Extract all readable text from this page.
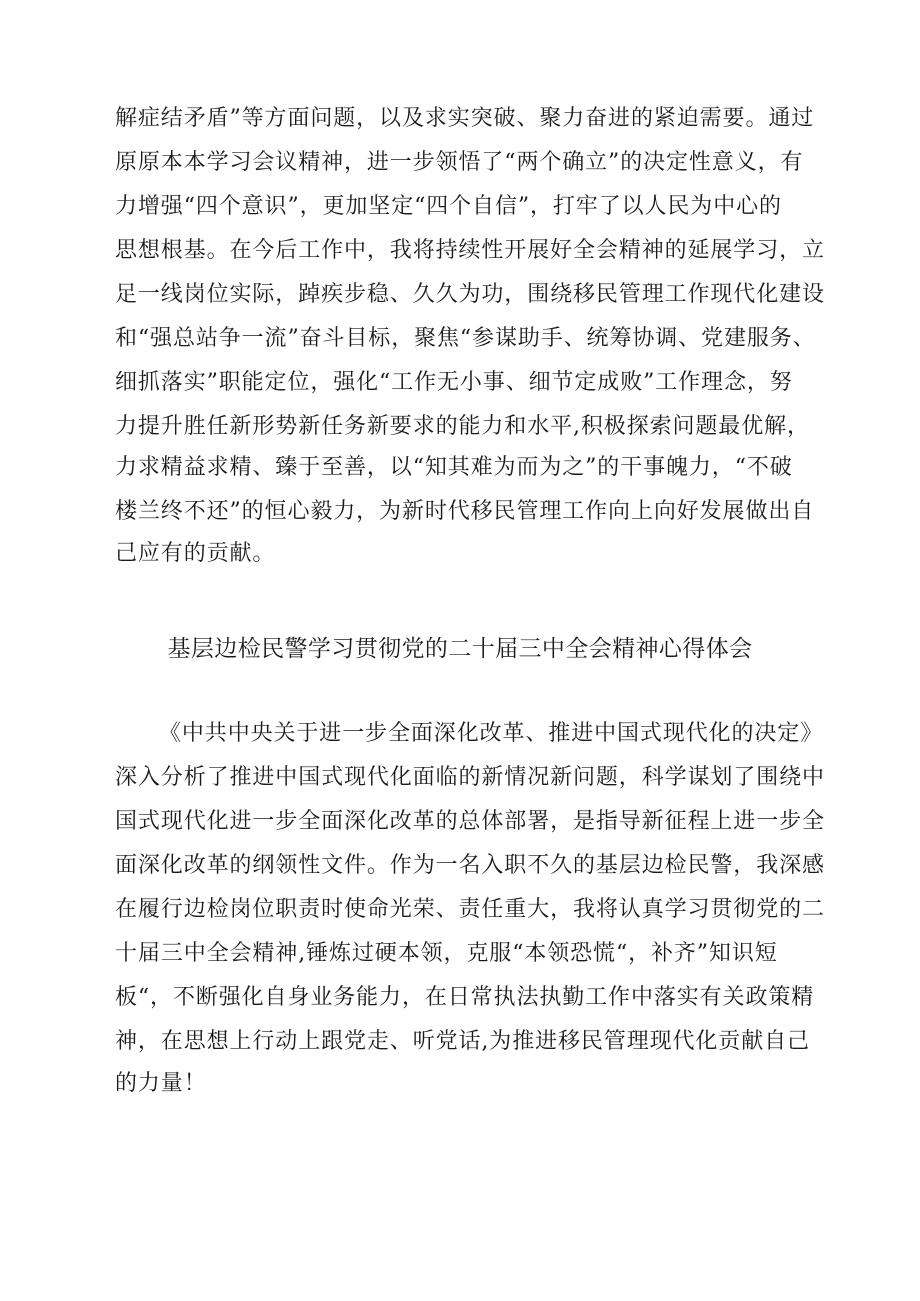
解症结矛盾”等方面问题，以及求实突破、聚力奋进的紧迫需要。通过
原原本本学习会议精神，进一步领悟了“两个确立”的决定性意义，有
力增强“四个意识”，更加坚定“四个自信”，打牢了以人民为中心的
思想根基。在今后工作中，我将持续性开展好全会精神的延展学习，立
足一线岗位实际，踔疾步稳、久久为功，围绕移民管理工作现代化建设
和“强总站争一流”奋斗目标，聚焦“参谋助手、统筹协调、党建服务、
细抓落实”职能定位，强化“工作无小事、细节定成败”工作理念，努
力提升胜任新形势新任务新要求的能力和水平,积极探索问题最优解，
力求精益求精、臻于至善，以“知其难为而为之”的干事魄力，“不破
楼兰终不还”的恒心毅力，为新时代移民管理工作向上向好发展做出自
己应有的贡献。
基层边检民警学习贯彻党的二十届三中全会精神心得体会
《中共中央关于进一步全面深化改革、推进中国式现代化的决定》
深入分析了推进中国式现代化面临的新情况新问题，科学谋划了围绕中
国式现代化进一步全面深化改革的总体部署，是指导新征程上进一步全
面深化改革的纲领性文件。作为一名入职不久的基层边检民警，我深感
在履行边检岗位职责时使命光荣、责任重大，我将认真学习贯彻党的二
十届三中全会精神,锤炼过硬本领，克服“本领恐慌“，补齐”知识短
板“，不断强化自身业务能力，在日常执法执勤工作中落实有关政策精
神，在思想上行动上跟党走、听党话,为推进移民管理现代化贡献自己
的力量！
